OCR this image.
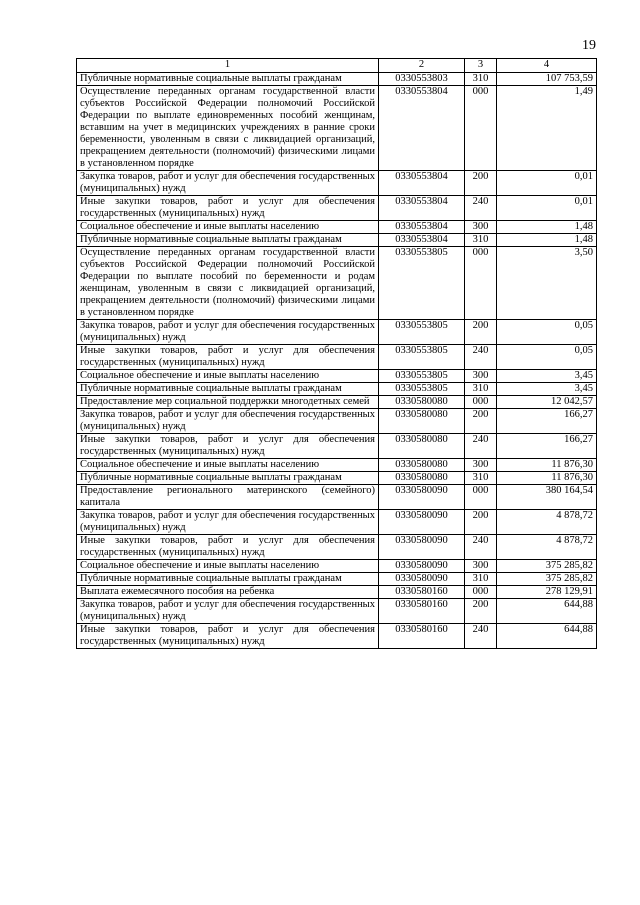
19
1	2	3	4
Публичные нормативные социальные выплаты гражданам	0330553803	310	107 753,59
Осуществление переданных органам государственной власти субъектов Российской Федерации полномочий Российской Федерации по выплате единовременных пособий женщинам, вставшим на учет в медицинских учреждениях в ранние сроки беременности, уволенным в связи с ликвидацией организаций, прекращением деятельности (полномочий) физическими лицами в установленном порядке	0330553804	000	1,49
Закупка товаров, работ и услуг для обеспечения государственных (муниципальных) нужд	0330553804	200	0,01
Иные закупки товаров, работ и услуг для обеспечения государственных (муниципальных) нужд	0330553804	240	0,01
Социальное обеспечение и иные выплаты населению	0330553804	300	1,48
Публичные нормативные социальные выплаты гражданам	0330553804	310	1,48
Осуществление переданных органам государственной власти субъектов Российской Федерации полномочий Российской Федерации по выплате пособий по беременности и родам женщинам, уволенным в связи с ликвидацией организаций, прекращением деятельности (полномочий) физическими лицами в установленном порядке	0330553805	000	3,50
Закупка товаров, работ и услуг для обеспечения государственных (муниципальных) нужд	0330553805	200	0,05
Иные закупки товаров, работ и услуг для обеспечения государственных (муниципальных) нужд	0330553805	240	0,05
Социальное обеспечение и иные выплаты населению	0330553805	300	3,45
Публичные нормативные социальные выплаты гражданам	0330553805	310	3,45
Предоставление мер социальной поддержки многодетных семей	0330580080	000	12 042,57
Закупка товаров, работ и услуг для обеспечения государственных (муниципальных) нужд	0330580080	200	166,27
Иные закупки товаров, работ и услуг для обеспечения государственных (муниципальных) нужд	0330580080	240	166,27
Социальное обеспечение и иные выплаты населению	0330580080	300	11 876,30
Публичные нормативные социальные выплаты гражданам	0330580080	310	11 876,30
Предоставление регионального материнского (семейного) капитала	0330580090	000	380 164,54
Закупка товаров, работ и услуг для обеспечения государственных (муниципальных) нужд	0330580090	200	4 878,72
Иные закупки товаров, работ и услуг для обеспечения государственных (муниципальных) нужд	0330580090	240	4 878,72
Социальное обеспечение и иные выплаты населению	0330580090	300	375 285,82
Публичные нормативные социальные выплаты гражданам	0330580090	310	375 285,82
Выплата ежемесячного пособия на ребенка	0330580160	000	278 129,91
Закупка товаров, работ и услуг для обеспечения государственных (муниципальных) нужд	0330580160	200	644,88
Иные закупки товаров, работ и услуг для обеспечения государственных (муниципальных) нужд	0330580160	240	644,88
